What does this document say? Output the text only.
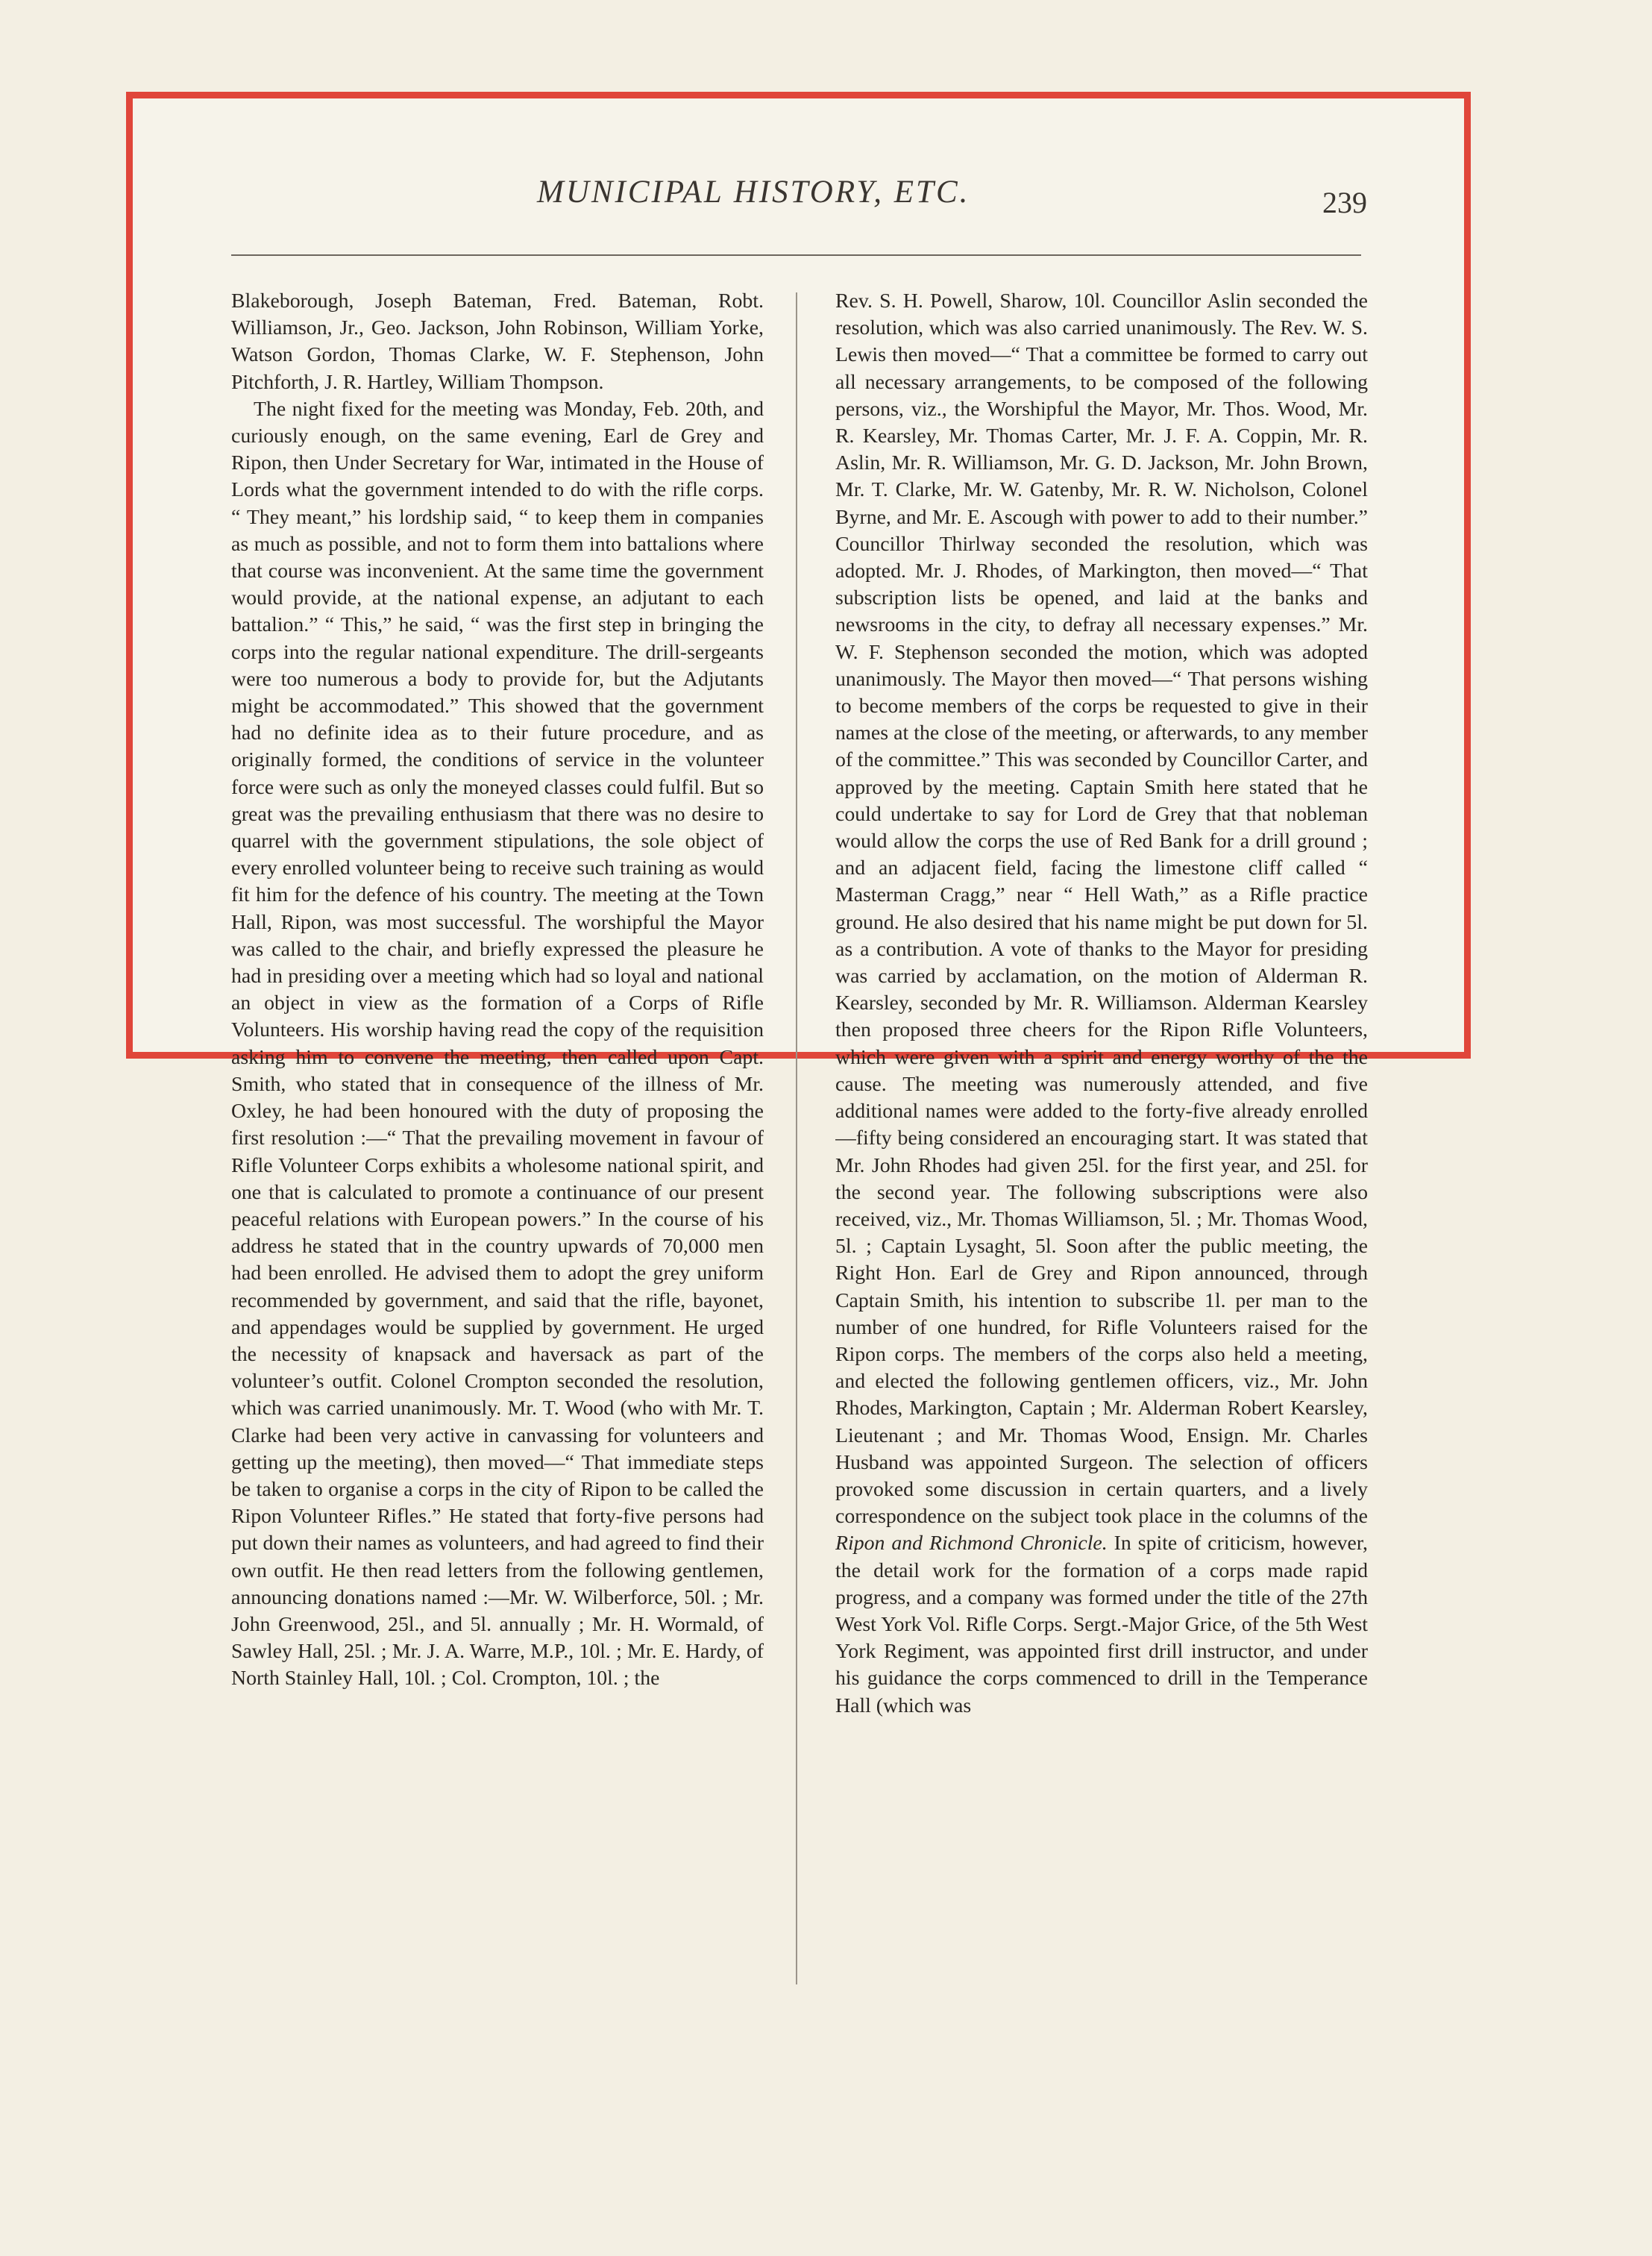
MUNICIPAL HISTORY, ETC.	239

Blakeborough, Joseph Bateman, Fred. Bateman, Robt. Williamson, Jr., Geo. Jackson, John Robinson, William Yorke, Watson Gordon, Thomas Clarke, W. F. Stephenson, John Pitchforth, J. R. Hartley, William Thompson.

The night fixed for the meeting was Monday, Feb. 20th, and curiously enough, on the same evening, Earl de Grey and Ripon, then Under Secretary for War, intimated in the House of Lords what the government intended to do with the rifle corps. “ They meant,” his lordship said, “ to keep them in companies as much as possible, and not to form them into battalions where that course was inconvenient. At the same time the government would provide, at the national expense, an adjutant to each battalion.” “ This,” he said, “ was the first step in bringing the corps into the regular national expenditure. The drill-sergeants were too numerous a body to provide for, but the Adjutants might be accommodated.” This showed that the government had no definite idea as to their future procedure, and as originally formed, the conditions of service in the volunteer force were such as only the moneyed classes could fulfil. But so great was the prevailing enthusiasm that there was no desire to quarrel with the government stipulations, the sole object of every enrolled volunteer being to receive such training as would fit him for the defence of his country. The meeting at the Town Hall, Ripon, was most successful. The worshipful the Mayor was called to the chair, and briefly expressed the pleasure he had in presiding over a meeting which had so loyal and national an object in view as the formation of a Corps of Rifle Volunteers. His worship having read the copy of the requisition asking him to convene the meeting, then called upon Capt. Smith, who stated that in consequence of the illness of Mr. Oxley, he had been honoured with the duty of proposing the first resolution :—“ That the prevailing movement in favour of Rifle Volunteer Corps exhibits a wholesome national spirit, and one that is calculated to promote a continuance of our present peaceful relations with European powers.” In the course of his address he stated that in the country upwards of 70,000 men had been enrolled. He advised them to adopt the grey uniform recommended by government, and said that the rifle, bayonet, and appendages would be supplied by government. He urged the necessity of knapsack and haversack as part of the volunteer’s outfit. Colonel Crompton seconded the resolution, which was carried unanimously. Mr. T. Wood (who with Mr. T. Clarke had been very active in canvassing for volunteers and getting up the meeting), then moved—“ That immediate steps be taken to organise a corps in the city of Ripon to be called the Ripon Volunteer Rifles.” He stated that forty-five persons had put down their names as volunteers, and had agreed to find their own outfit. He then read letters from the following gentlemen, announcing donations named :—Mr. W. Wilberforce, 50l. ; Mr. John Greenwood, 25l., and 5l. annually ; Mr. H. Wormald, of Sawley Hall, 25l. ; Mr. J. A. Warre, M.P., 10l. ; Mr. E. Hardy, of North Stainley Hall, 10l. ; Col. Crompton, 10l. ; the

Rev. S. H. Powell, Sharow, 10l. Councillor Aslin seconded the resolution, which was also carried unanimously. The Rev. W. S. Lewis then moved—“ That a committee be formed to carry out all necessary arrangements, to be composed of the following persons, viz., the Worshipful the Mayor, Mr. Thos. Wood, Mr. R. Kearsley, Mr. Thomas Carter, Mr. J. F. A. Coppin, Mr. R. Aslin, Mr. R. Williamson, Mr. G. D. Jackson, Mr. John Brown, Mr. T. Clarke, Mr. W. Gatenby, Mr. R. W. Nicholson, Colonel Byrne, and Mr. E. Ascough with power to add to their number.” Councillor Thirlway seconded the resolution, which was adopted. Mr. J. Rhodes, of Markington, then moved—“ That subscription lists be opened, and laid at the banks and newsrooms in the city, to defray all necessary expenses.” Mr. W. F. Stephenson seconded the motion, which was adopted unanimously. The Mayor then moved—“ That persons wishing to become members of the corps be requested to give in their names at the close of the meeting, or afterwards, to any member of the committee.” This was seconded by Councillor Carter, and approved by the meeting. Captain Smith here stated that he could undertake to say for Lord de Grey that that nobleman would allow the corps the use of Red Bank for a drill ground ; and an adjacent field, facing the limestone cliff called “ Masterman Cragg,” near “ Hell Wath,” as a Rifle practice ground. He also desired that his name might be put down for 5l. as a contribution. A vote of thanks to the Mayor for presiding was carried by acclamation, on the motion of Alderman R. Kearsley, seconded by Mr. R. Williamson. Alderman Kearsley then proposed three cheers for the Ripon Rifle Volunteers, which were given with a spirit and energy worthy of the the cause. The meeting was numerously attended, and five additional names were added to the forty-five already enrolled—fifty being considered an encouraging start. It was stated that Mr. John Rhodes had given 25l. for the first year, and 25l. for the second year. The following subscriptions were also received, viz., Mr. Thomas Williamson, 5l. ; Mr. Thomas Wood, 5l. ; Captain Lysaght, 5l. Soon after the public meeting, the Right Hon. Earl de Grey and Ripon announced, through Captain Smith, his intention to subscribe 1l. per man to the number of one hundred, for Rifle Volunteers raised for the Ripon corps. The members of the corps also held a meeting, and elected the following gentlemen officers, viz., Mr. John Rhodes, Markington, Captain ; Mr. Alderman Robert Kearsley, Lieutenant ; and Mr. Thomas Wood, Ensign. Mr. Charles Husband was appointed Surgeon. The selection of officers provoked some discussion in certain quarters, and a lively correspondence on the subject took place in the columns of the Ripon and Richmond Chronicle. In spite of criticism, however, the detail work for the formation of a corps made rapid progress, and a company was formed under the title of the 27th West York Vol. Rifle Corps. Sergt.-Major Grice, of the 5th West York Regiment, was appointed first drill instructor, and under his guidance the corps commenced to drill in the Temperance Hall (which was
